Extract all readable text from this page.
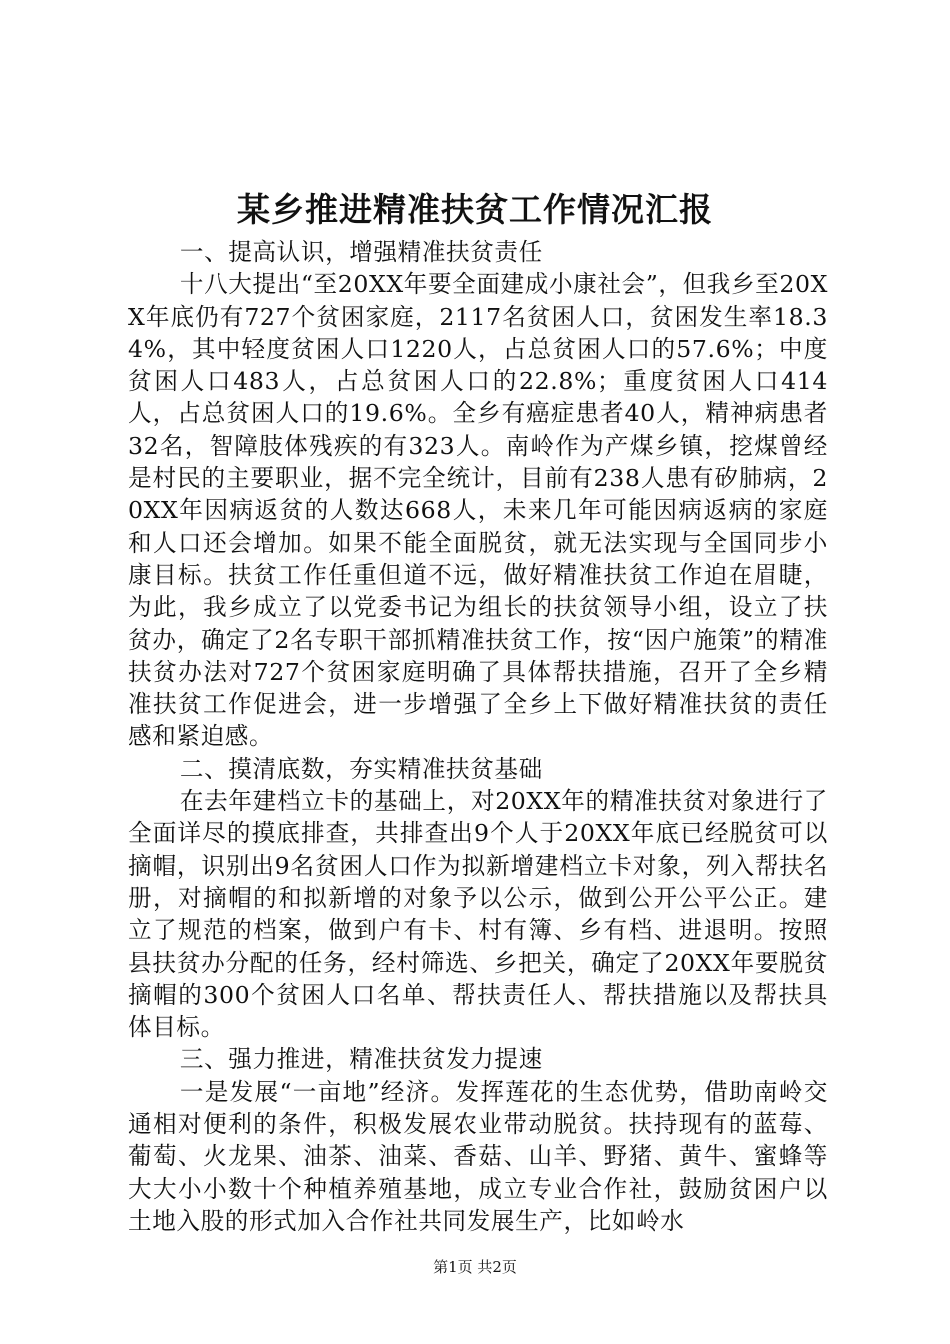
某乡推进精准扶贫工作情况汇报

一、提高认识，增强精准扶贫责任

十八大提出“至20XX年要全面建成小康社会”，但我乡至20XX年底仍有727个贫困家庭，2117名贫困人口，贫困发生率18.34%，其中轻度贫困人口1220人，占总贫困人口的57.6%；中度贫困人口483人，占总贫困人口的22.8%；重度贫困人口414人，占总贫困人口的19.6%。全乡有癌症患者40人，精神病患者32名，智障肢体残疾的有323人。南岭作为产煤乡镇，挖煤曾经是村民的主要职业，据不完全统计，目前有238人患有矽肺病，20XX年因病返贫的人数达668人，未来几年可能因病返病的家庭和人口还会增加。如果不能全面脱贫，就无法实现与全国同步小康目标。扶贫工作任重但道不远，做好精准扶贫工作迫在眉睫，为此，我乡成立了以党委书记为组长的扶贫领导小组，设立了扶贫办，确定了2名专职干部抓精准扶贫工作，按“因户施策”的精准扶贫办法对727个贫困家庭明确了具体帮扶措施，召开了全乡精准扶贫工作促进会，进一步增强了全乡上下做好精准扶贫的责任感和紧迫感。

二、摸清底数，夯实精准扶贫基础

在去年建档立卡的基础上，对20XX年的精准扶贫对象进行了全面详尽的摸底排查，共排查出9个人于20XX年底已经脱贫可以摘帽，识别出9名贫困人口作为拟新增建档立卡对象，列入帮扶名册，对摘帽的和拟新增的对象予以公示，做到公开公平公正。建立了规范的档案，做到户有卡、村有簿、乡有档、进退明。按照县扶贫办分配的任务，经村筛选、乡把关，确定了20XX年要脱贫摘帽的300个贫困人口名单、帮扶责任人、帮扶措施以及帮扶具体目标。

三、强力推进，精准扶贫发力提速

一是发展“一亩地”经济。发挥莲花的生态优势，借助南岭交通相对便利的条件，积极发展农业带动脱贫。扶持现有的蓝莓、葡萄、火龙果、油茶、油菜、香菇、山羊、野猪、黄牛、蜜蜂等大大小小数十个种植养殖基地，成立专业合作社，鼓励贫困户以土地入股的形式加入合作社共同发展生产，比如岭水

第1页 共2页
